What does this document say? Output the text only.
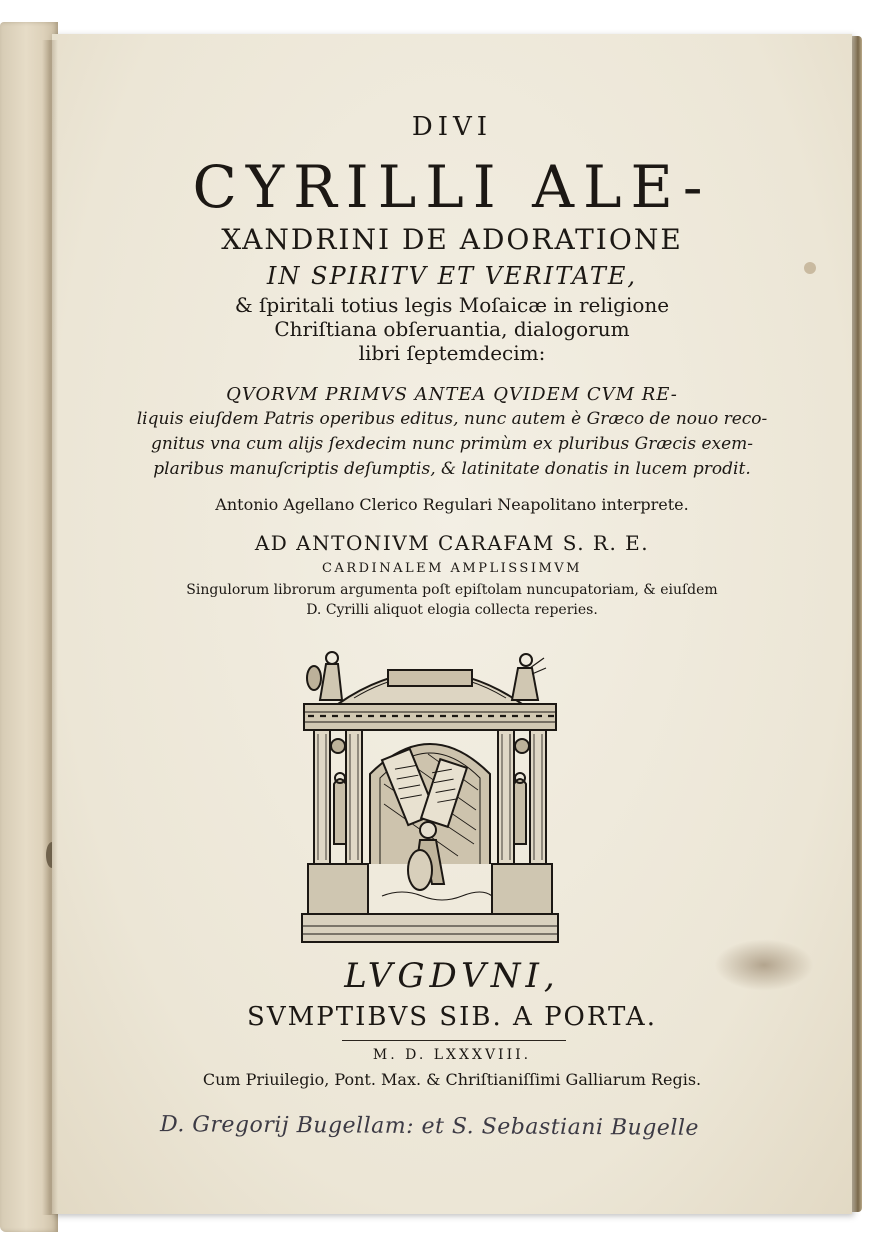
DIVI
CYRILLI ALE-
XANDRINI DE ADORATIONE
IN SPIRITV ET VERITATE,
& ſpiritali totius legis Moſaicæ in religione
Chriſtiana obſeruantia, dialogorum
libri ſeptemdecim:
QVORVM PRIMVS ANTEA QVIDEM CVM RE-
liquis eiuſdem Patris operibus editus, nunc autem è Græco de nouo reco-
gnitus vna cum alijs ſexdecim nunc primùm ex pluribus Græcis exem-
plaribus manuſcriptis deſumptis, & latinitate donatis in lucem prodit.
Antonio Agellano Clerico Regulari Neapolitano interprete.
AD ANTONIVM CARAFAM S. R. E.
CARDINALEM AMPLISSIMVM
Singulorum librorum argumenta poſt epiſtolam nuncupatoriam, & eiuſdem
D. Cyrilli aliquot elogia collecta reperies.
LVGDVNI,
SVMPTIBVS SIB. A PORTA.
M. D. LXXXVIII.
Cum Priuilegio, Pont. Max. & Chriſtianiſſimi Galliarum Regis.
D. Gregorij Bugellam: et S. Sebastiani Bugelle
